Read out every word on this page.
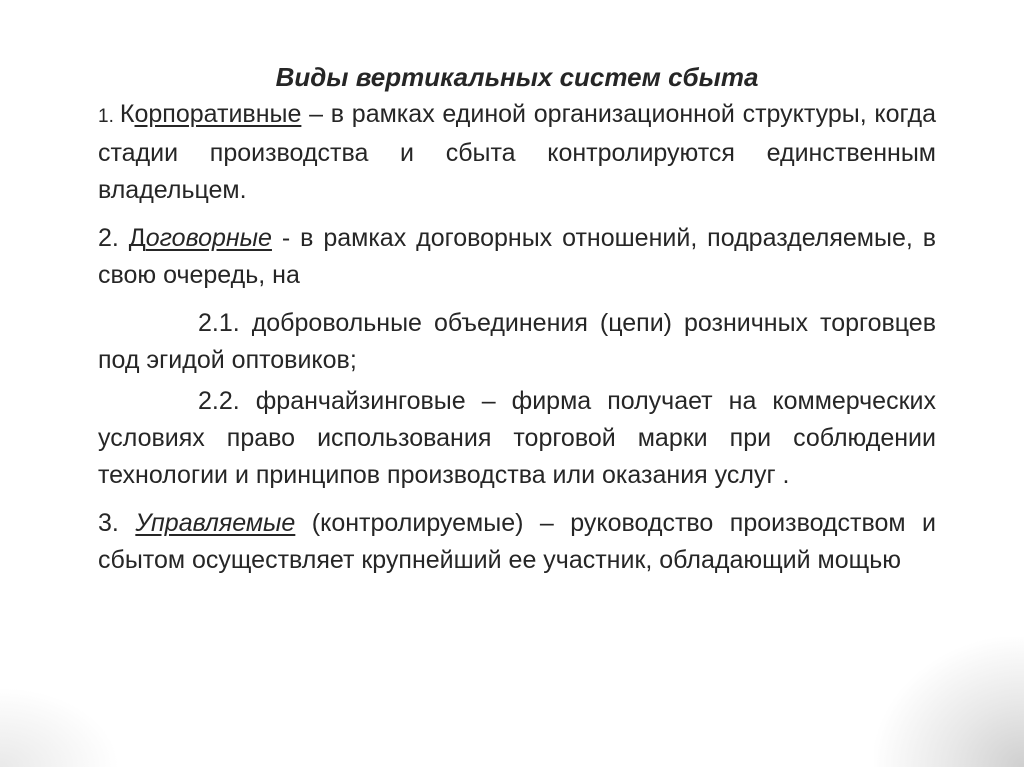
Виды вертикальных систем сбыта

1. Корпоративные – в рамках единой организационной структуры, когда стадии производства и сбыта контролируются единственным владельцем.

2. Договорные - в рамках договорных отношений, подразделяемые, в свою очередь, на

2.1. добровольные объединения (цепи) розничных торговцев под эгидой оптовиков;

2.2. франчайзинговые – фирма получает на коммерческих условиях право использования торговой марки при соблюдении технологии и принципов производства или оказания услуг .

3. Управляемые (контролируемые) – руководство производством и сбытом осуществляет крупнейший ее участник, обладающий мощью
